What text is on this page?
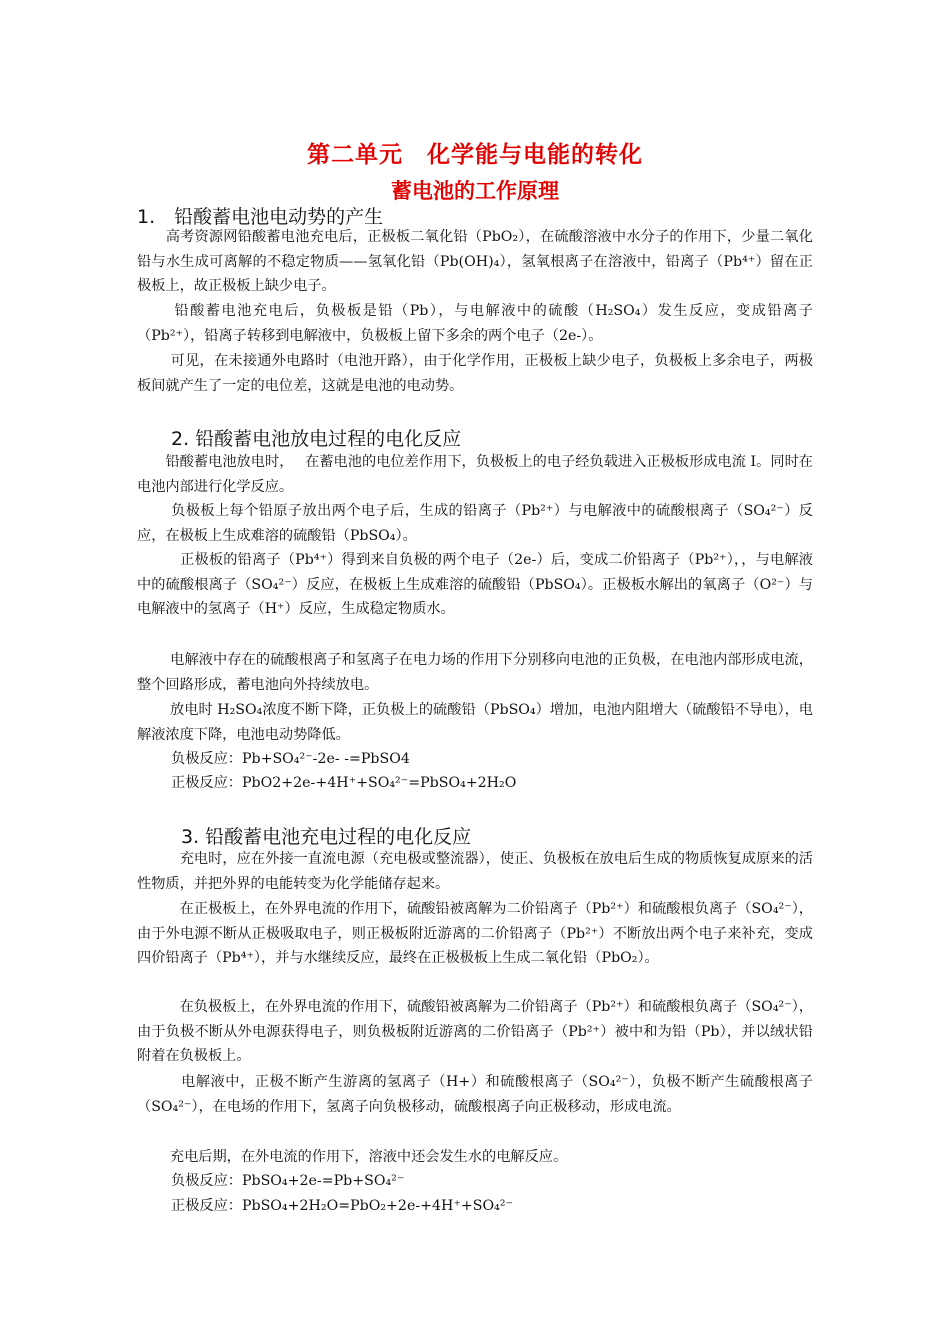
第二单元　化学能与电能的转化
蓄电池的工作原理
1.　铅酸蓄电池电动势的产生
　　高考资源网铅酸蓄电池充电后，正极板二氧化铅（PbO₂），在硫酸溶液中水分子的作用下，少量二氧化铅与水生成可离解的不稳定物质——氢氧化铅（Pb(OH)₄），氢氧根离子在溶液中，铅离子（Pb⁴⁺）留在正极板上，故正极板上缺少电子。
　　 铅酸蓄电池充电后，负极板是铅（Pb），与电解液中的硫酸（H₂SO₄）发生反应，变成铅离子（Pb²⁺），铅离子转移到电解液中，负极板上留下多余的两个电子（2e-）。
　　 可见，在未接通外电路时（电池开路），由于化学作用，正极板上缺少电子，负极板上多余电子，两极板间就产生了一定的电位差，这就是电池的电动势。
2. 铅酸蓄电池放电过程的电化反应
　　铅酸蓄电池放电时，　 在蓄电池的电位差作用下，负极板上的电子经负载进入正极板形成电流 I。同时在电池内部进行化学反应。
　　 负极板上每个铅原子放出两个电子后，生成的铅离子（Pb²⁺）与电解液中的硫酸根离子（SO₄²⁻）反应，在极板上生成难溶的硫酸铅（PbSO₄）。
　　　正极板的铅离子（Pb⁴⁺）得到来自负极的两个电子（2e-）后，变成二价铅离子（Pb²⁺），，与电解液中的硫酸根离子（SO₄²⁻）反应，在极板上生成难溶的硫酸铅（PbSO₄）。正极板水解出的氧离子（O²⁻）与电解液中的氢离子（H⁺）反应，生成稳定物质水。
　　 电解液中存在的硫酸根离子和氢离子在电力场的作用下分别移向电池的正负极，在电池内部形成电流，整个回路形成，蓄电池向外持续放电。
　　 放电时 H₂SO₄浓度不断下降，正负极上的硫酸铅（PbSO₄）增加，电池内阻增大（硫酸铅不导电），电解液浓度下降，电池电动势降低。
负极反应：Pb+SO₄²⁻-2e- -=PbSO4
正极反应：PbO2+2e-+4H⁺+SO₄²⁻=PbSO₄+2H₂O
3. 铅酸蓄电池充电过程的电化反应
　　　充电时，应在外接一直流电源（充电极或整流器），使正、负极板在放电后生成的物质恢复成原来的活性物质，并把外界的电能转变为化学能储存起来。
　　　在正极板上，在外界电流的作用下，硫酸铅被离解为二价铅离子（Pb²⁺）和硫酸根负离子（SO₄²⁻），由于外电源不断从正极吸取电子，则正极板附近游离的二价铅离子（Pb²⁺）不断放出两个电子来补充，变成四价铅离子（Pb⁴⁺），并与水继续反应，最终在正极极板上生成二氧化铅（PbO₂）。
　　　在负极板上，在外界电流的作用下，硫酸铅被离解为二价铅离子（Pb²⁺）和硫酸根负离子（SO₄²⁻），由于负极不断从外电源获得电子，则负极板附近游离的二价铅离子（Pb²⁺）被中和为铅（Pb），并以绒状铅附着在负极板上。
　　　电解液中，正极不断产生游离的氢离子（H+）和硫酸根离子（SO₄²⁻），负极不断产生硫酸根离子（SO₄²⁻），在电场的作用下，氢离子向负极移动，硫酸根离子向正极移动，形成电流。
　　 充电后期，在外电流的作用下，溶液中还会发生水的电解反应。
负极反应：PbSO₄+2e-=Pb+SO₄²⁻
正极反应：PbSO₄+2H₂O=PbO₂+2e-+4H⁺+SO₄²⁻
